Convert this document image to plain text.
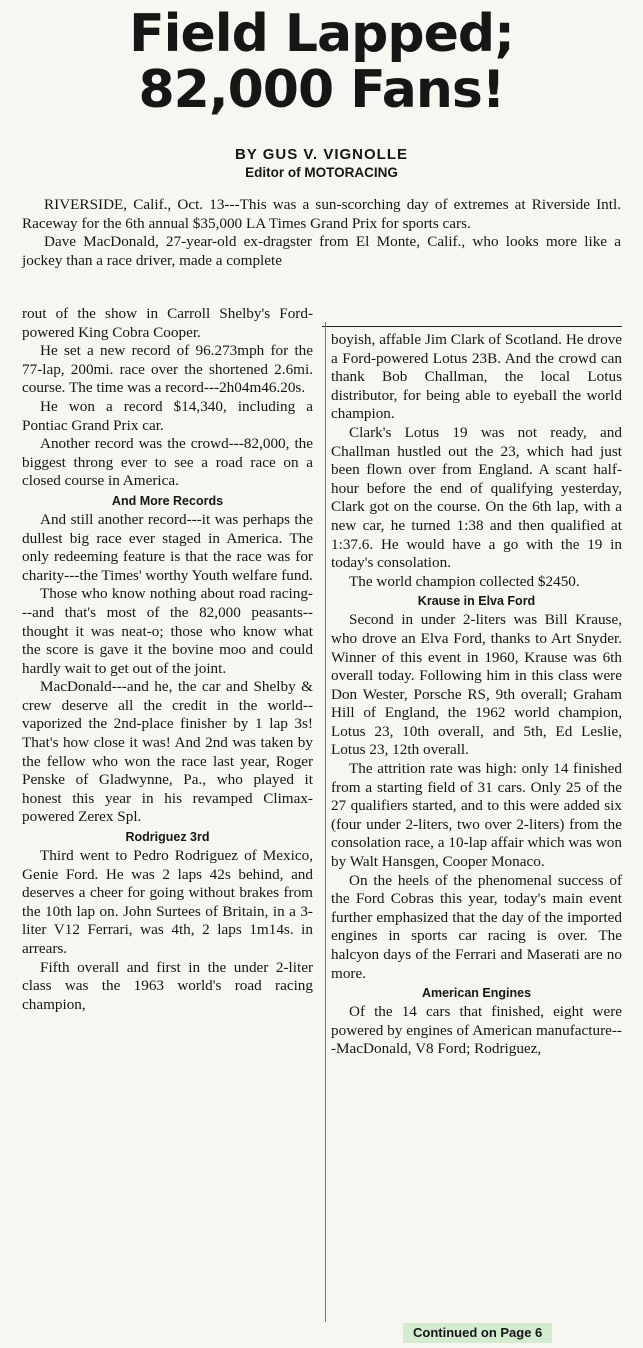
Field Lapped;
82,000 Fans!
BY GUS V. VIGNOLLE
Editor of MOTORACING

RIVERSIDE, Calif., Oct. 13---This was a sun-scorching day of extremes at Riverside Intl. Raceway for the 6th annual $35,000 LA Times Grand Prix for sports cars.

Dave MacDonald, 27-year-old ex-dragster from El Monte, Calif., who looks more like a jockey than a race driver, made a complete

rout of the show in Carroll Shelby's Ford-powered King Cobra Cooper.

He set a new record of 96.273mph for the 77-lap, 200mi. race over the shortened 2.6mi. course. The time was a record---2h04m46.20s.

He won a record $14,340, including a Pontiac Grand Prix car.

Another record was the crowd---82,000, the biggest throng ever to see a road race on a closed course in America.

And More Records

And still another record---it was perhaps the dullest big race ever staged in America. The only redeeming feature is that the race was for charity---the Times' worthy Youth welfare fund.

Those who know nothing about road racing---and that's most of the 82,000 peasants--thought it was neat-o; those who know what the score is gave it the bovine moo and could hardly wait to get out of the joint.

MacDonald---and he, the car and Shelby & crew deserve all the credit in the world--vaporized the 2nd-place finisher by 1 lap 3s! That's how close it was! And 2nd was taken by the fellow who won the race last year, Roger Penske of Gladwynne, Pa., who played it honest this year in his revamped Climax-powered Zerex Spl.

Rodriguez 3rd

Third went to Pedro Rodriguez of Mexico, Genie Ford. He was 2 laps 42s behind, and deserves a cheer for going without brakes from the 10th lap on. John Surtees of Britain, in a 3-liter V12 Ferrari, was 4th, 2 laps 1m14s. in arrears.

Fifth overall and first in the under 2-liter class was the 1963 world's road racing champion,

boyish, affable Jim Clark of Scotland. He drove a Ford-powered Lotus 23B. And the crowd can thank Bob Challman, the local Lotus distributor, for being able to eyeball the world champion.

Clark's Lotus 19 was not ready, and Challman hustled out the 23, which had just been flown over from England. A scant half-hour before the end of qualifying yesterday, Clark got on the course. On the 6th lap, with a new car, he turned 1:38 and then qualified at 1:37.6. He would have a go with the 19 in today's consolation.

The world champion collected $2450.

Krause in Elva Ford

Second in under 2-liters was Bill Krause, who drove an Elva Ford, thanks to Art Snyder. Winner of this event in 1960, Krause was 6th overall today. Following him in this class were Don Wester, Porsche RS, 9th overall; Graham Hill of England, the 1962 world champion, Lotus 23, 10th overall, and 5th, Ed Leslie, Lotus 23, 12th overall.

The attrition rate was high: only 14 finished from a starting field of 31 cars. Only 25 of the 27 qualifiers started, and to this were added six (four under 2-liters, two over 2-liters) from the consolation race, a 10-lap affair which was won by Walt Hansgen, Cooper Monaco.

On the heels of the phenomenal success of the Ford Cobras this year, today's main event further emphasized that the day of the imported engines in sports car racing is over. The halcyon days of the Ferrari and Maserati are no more.

American Engines

Of the 14 cars that finished, eight were powered by engines of American manufacture---MacDonald, V8 Ford; Rodriguez,

Continued on Page 6
